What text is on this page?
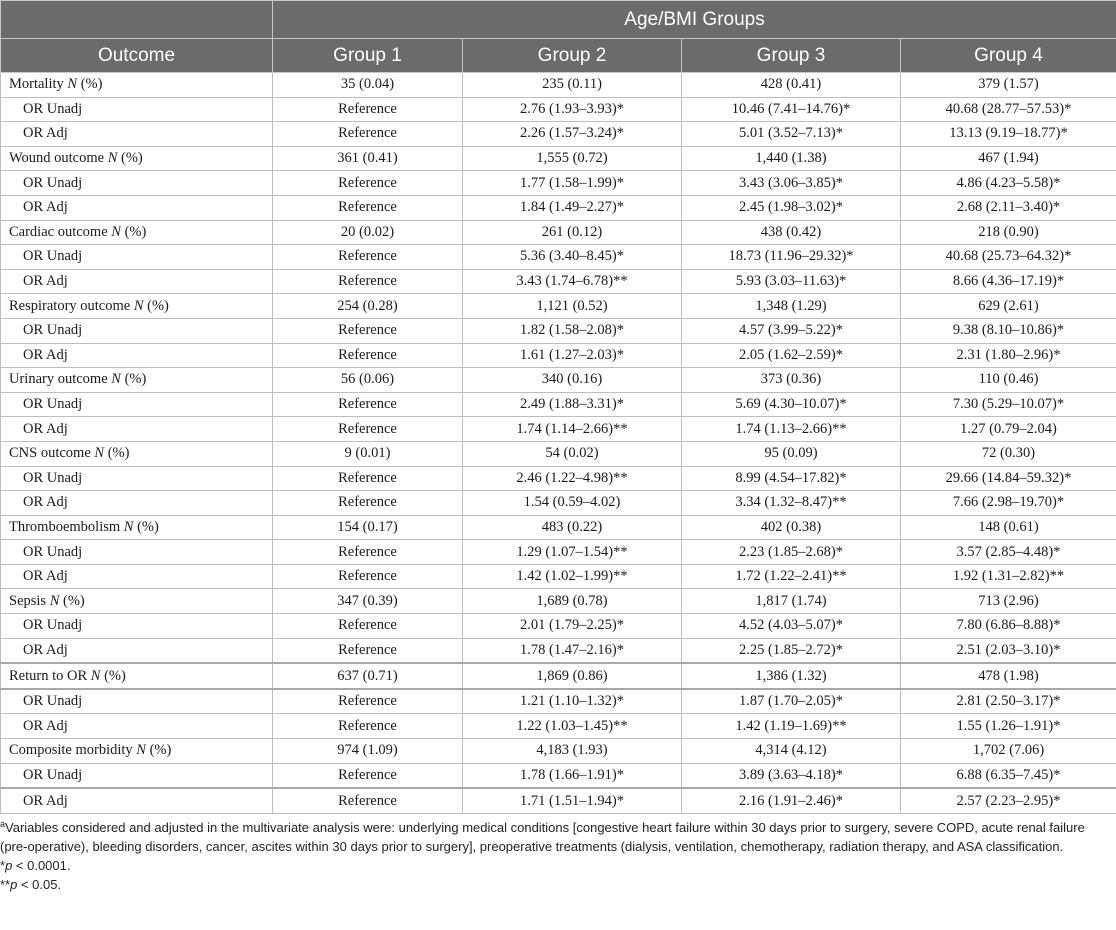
	Age/BMI Groups			
Outcome	Group 1	Group 2	Group 3	Group 4
Mortality N (%)	35 (0.04)	235 (0.11)	428 (0.41)	379 (1.57)
OR Unadj	Reference	2.76 (1.93–3.93)*	10.46 (7.41–14.76)*	40.68 (28.77–57.53)*
OR Adj	Reference	2.26 (1.57–3.24)*	5.01 (3.52–7.13)*	13.13 (9.19–18.77)*
Wound outcome N (%)	361 (0.41)	1,555 (0.72)	1,440 (1.38)	467 (1.94)
OR Unadj	Reference	1.77 (1.58–1.99)*	3.43 (3.06–3.85)*	4.86 (4.23–5.58)*
OR Adj	Reference	1.84 (1.49–2.27)*	2.45 (1.98–3.02)*	2.68 (2.11–3.40)*
Cardiac outcome N (%)	20 (0.02)	261 (0.12)	438 (0.42)	218 (0.90)
OR Unadj	Reference	5.36 (3.40–8.45)*	18.73 (11.96–29.32)*	40.68 (25.73–64.32)*
OR Adj	Reference	3.43 (1.74–6.78)**	5.93 (3.03–11.63)*	8.66 (4.36–17.19)*
Respiratory outcome N (%)	254 (0.28)	1,121 (0.52)	1,348 (1.29)	629 (2.61)
OR Unadj	Reference	1.82 (1.58–2.08)*	4.57 (3.99–5.22)*	9.38 (8.10–10.86)*
OR Adj	Reference	1.61 (1.27–2.03)*	2.05 (1.62–2.59)*	2.31 (1.80–2.96)*
Urinary outcome N (%)	56 (0.06)	340 (0.16)	373 (0.36)	110 (0.46)
OR Unadj	Reference	2.49 (1.88–3.31)*	5.69 (4.30–10.07)*	7.30 (5.29–10.07)*
OR Adj	Reference	1.74 (1.14–2.66)**	1.74 (1.13–2.66)**	1.27 (0.79–2.04)
CNS outcome N (%)	9 (0.01)	54 (0.02)	95 (0.09)	72 (0.30)
OR Unadj	Reference	2.46 (1.22–4.98)**	8.99 (4.54–17.82)*	29.66 (14.84–59.32)*
OR Adj	Reference	1.54 (0.59–4.02)	3.34 (1.32–8.47)**	7.66 (2.98–19.70)*
Thromboembolism N (%)	154 (0.17)	483 (0.22)	402 (0.38)	148 (0.61)
OR Unadj	Reference	1.29 (1.07–1.54)**	2.23 (1.85–2.68)*	3.57 (2.85–4.48)*
OR Adj	Reference	1.42 (1.02–1.99)**	1.72 (1.22–2.41)**	1.92 (1.31–2.82)**
Sepsis N (%)	347 (0.39)	1,689 (0.78)	1,817 (1.74)	713 (2.96)
OR Unadj	Reference	2.01 (1.79–2.25)*	4.52 (4.03–5.07)*	7.80 (6.86–8.88)*
OR Adj	Reference	1.78 (1.47–2.16)*	2.25 (1.85–2.72)*	2.51 (2.03–3.10)*
Return to OR N (%)	637 (0.71)	1,869 (0.86)	1,386 (1.32)	478 (1.98)
OR Unadj	Reference	1.21 (1.10–1.32)*	1.87 (1.70–2.05)*	2.81 (2.50–3.17)*
OR Adj	Reference	1.22 (1.03–1.45)**	1.42 (1.19–1.69)**	1.55 (1.26–1.91)*
Composite morbidity N (%)	974 (1.09)	4,183 (1.93)	4,314 (4.12)	1,702 (7.06)
OR Unadj	Reference	1.78 (1.66–1.91)*	3.89 (3.63–4.18)*	6.88 (6.35–7.45)*
OR Adj	Reference	1.71 (1.51–1.94)*	2.16 (1.91–2.46)*	2.57 (2.23–2.95)*
$^a$Variables considered and adjusted in the multivariate analysis were: underlying medical conditions [congestive heart failure within 30 days prior to surgery, severe COPD, acute renal failure (pre-operative), bleeding disorders, cancer, ascites within 30 days prior to surgery], preoperative treatments (dialysis, ventilation, chemotherapy, radiation therapy, and ASA classification.
*p < 0.0001.
**p < 0.05.
